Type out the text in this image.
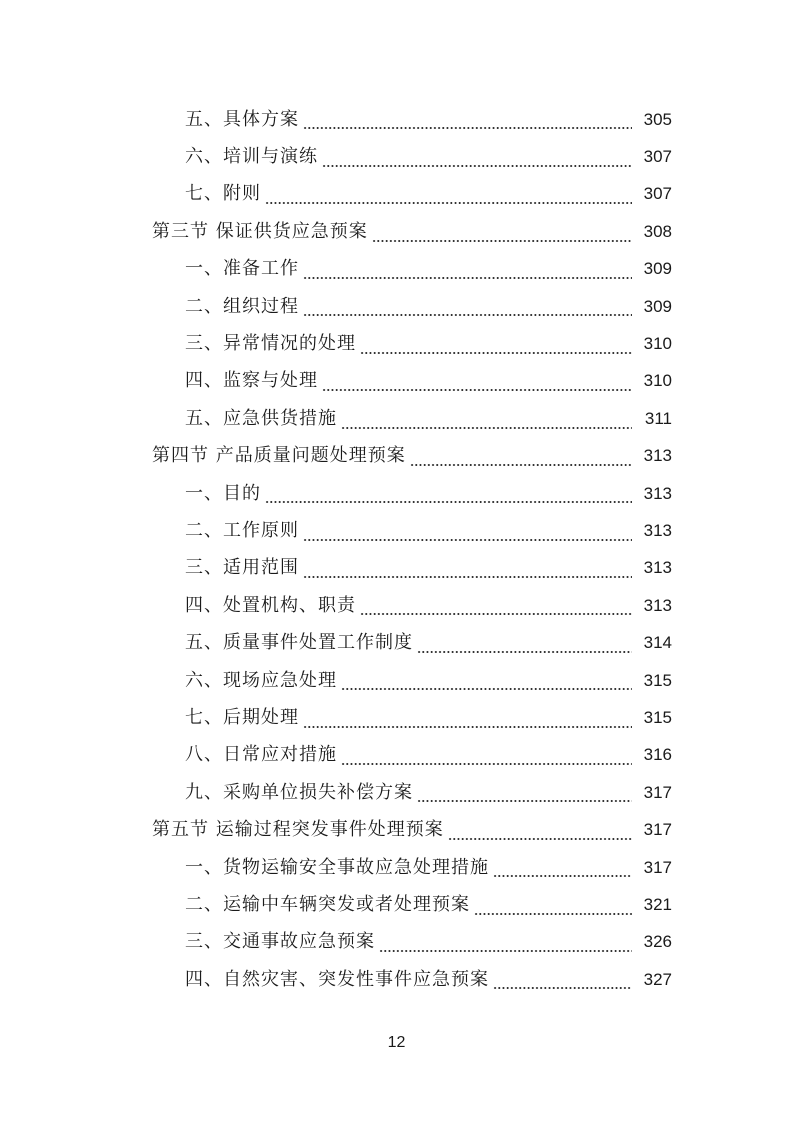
五、具体方案	305
六、培训与演练	307
七、附则	307
第三节 保证供货应急预案	308
一、准备工作	309
二、组织过程	309
三、异常情况的处理	310
四、监察与处理	310
五、应急供货措施	311
第四节 产品质量问题处理预案	313
一、目的	313
二、工作原则	313
三、适用范围	313
四、处置机构、职责	313
五、质量事件处置工作制度	314
六、现场应急处理	315
七、后期处理	315
八、日常应对措施	316
九、采购单位损失补偿方案	317
第五节 运输过程突发事件处理预案	317
一、货物运输安全事故应急处理措施	317
二、运输中车辆突发或者处理预案	321
三、交通事故应急预案	326
四、自然灾害、突发性事件应急预案	327
12
